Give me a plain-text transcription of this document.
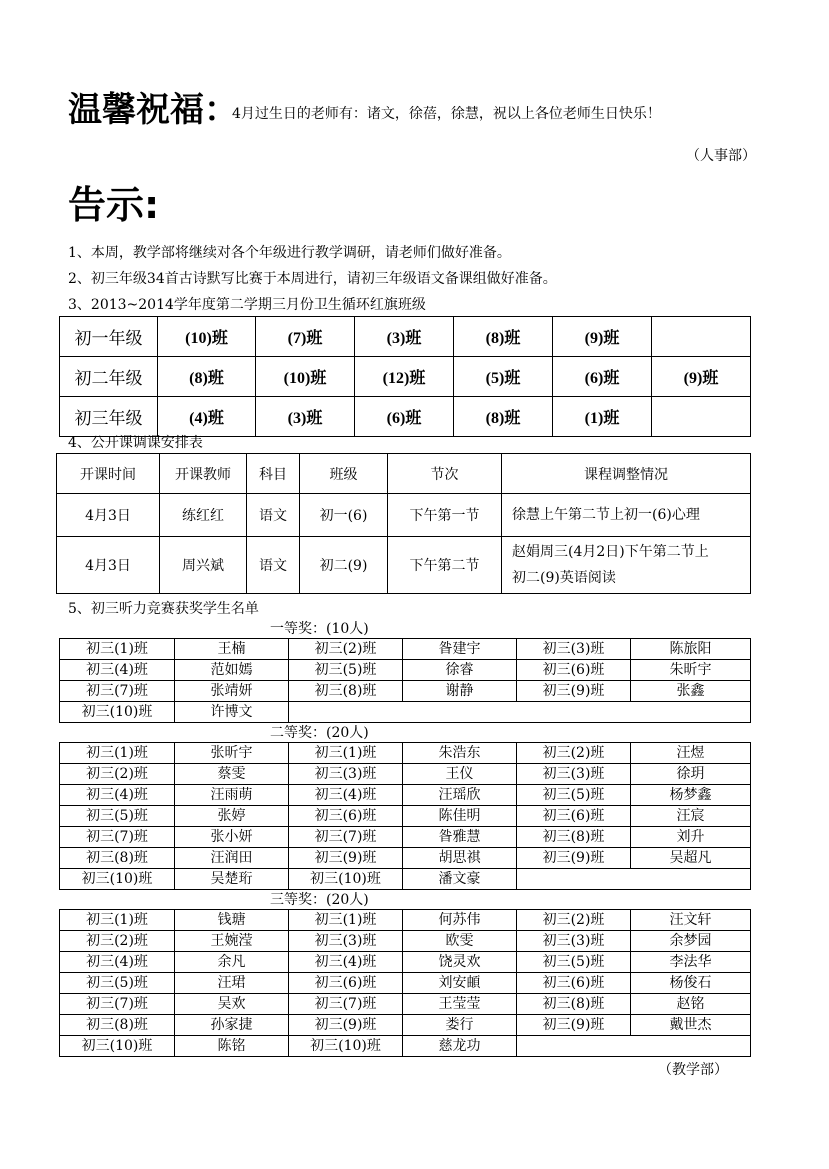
温馨祝福：
4月过生日的老师有：诸文，徐蓓，徐慧，祝以上各位老师生日快乐！
（人事部）
告示:
1、本周，教学部将继续对各个年级进行教学调研，请老师们做好准备。
2、初三年级34首古诗默写比赛于本周进行，请初三年级语文备课组做好准备。
3、2013~2014学年度第二学期三月份卫生循环红旗班级
初一年级	(10)班	(7)班	(3)班	(8)班	(9)班	
初二年级	(8)班	(10)班	(12)班	(5)班	(6)班	(9)班
初三年级	(4)班	(3)班	(6)班	(8)班	(1)班	
4、公开课调课安排表
开课时间	开课教师	科目	班级	节次	课程调整情况
4月3日	练红红	语文	初一(6)	下午第一节	徐慧上午第二节上初一(6)心理

4月3日	周兴斌	语文	初二(9)	下午第二节	赵娟周三(4月2日)下午第二节上
初二(9)英语阅读
5、初三听力竞赛获奖学生名单
一等奖：(10人)
初三(1)班	王楠	初三(2)班	昝建宇	初三(3)班	陈旅阳
初三(4)班	范如嫣	初三(5)班	徐睿	初三(6)班	朱昕宇
初三(7)班	张靖妍	初三(8)班	谢静	初三(9)班	张鑫
初三(10)班	许博文				
二等奖：(20人)
初三(1)班	张昕宇	初三(1)班	朱浩东	初三(2)班	汪煜
初三(2)班	蔡雯	初三(3)班	王仪	初三(3)班	徐玥
初三(4)班	汪雨萌	初三(4)班	汪瑶欣	初三(5)班	杨梦鑫
初三(5)班	张婷	初三(6)班	陈佳明	初三(6)班	汪宸
初三(7)班	张小妍	初三(7)班	昝雅慧	初三(8)班	刘升
初三(8)班	汪润田	初三(9)班	胡思祺	初三(9)班	吴超凡
初三(10)班	吴楚珩	初三(10)班	潘文豪		
三等奖：(20人)
初三(1)班	钱瑭	初三(1)班	何苏伟	初三(2)班	汪文轩
初三(2)班	王婉滢	初三(3)班	欧雯	初三(3)班	余梦园
初三(4)班	余凡	初三(4)班	饶灵欢	初三(5)班	李法华
初三(5)班	汪珺	初三(6)班	刘安頔	初三(6)班	杨俊石
初三(7)班	吴欢	初三(7)班	王莹莹	初三(8)班	赵铭
初三(8)班	孙家捷	初三(9)班	娄行	初三(9)班	戴世杰
初三(10)班	陈铭	初三(10)班	慈龙功		
（教学部）
